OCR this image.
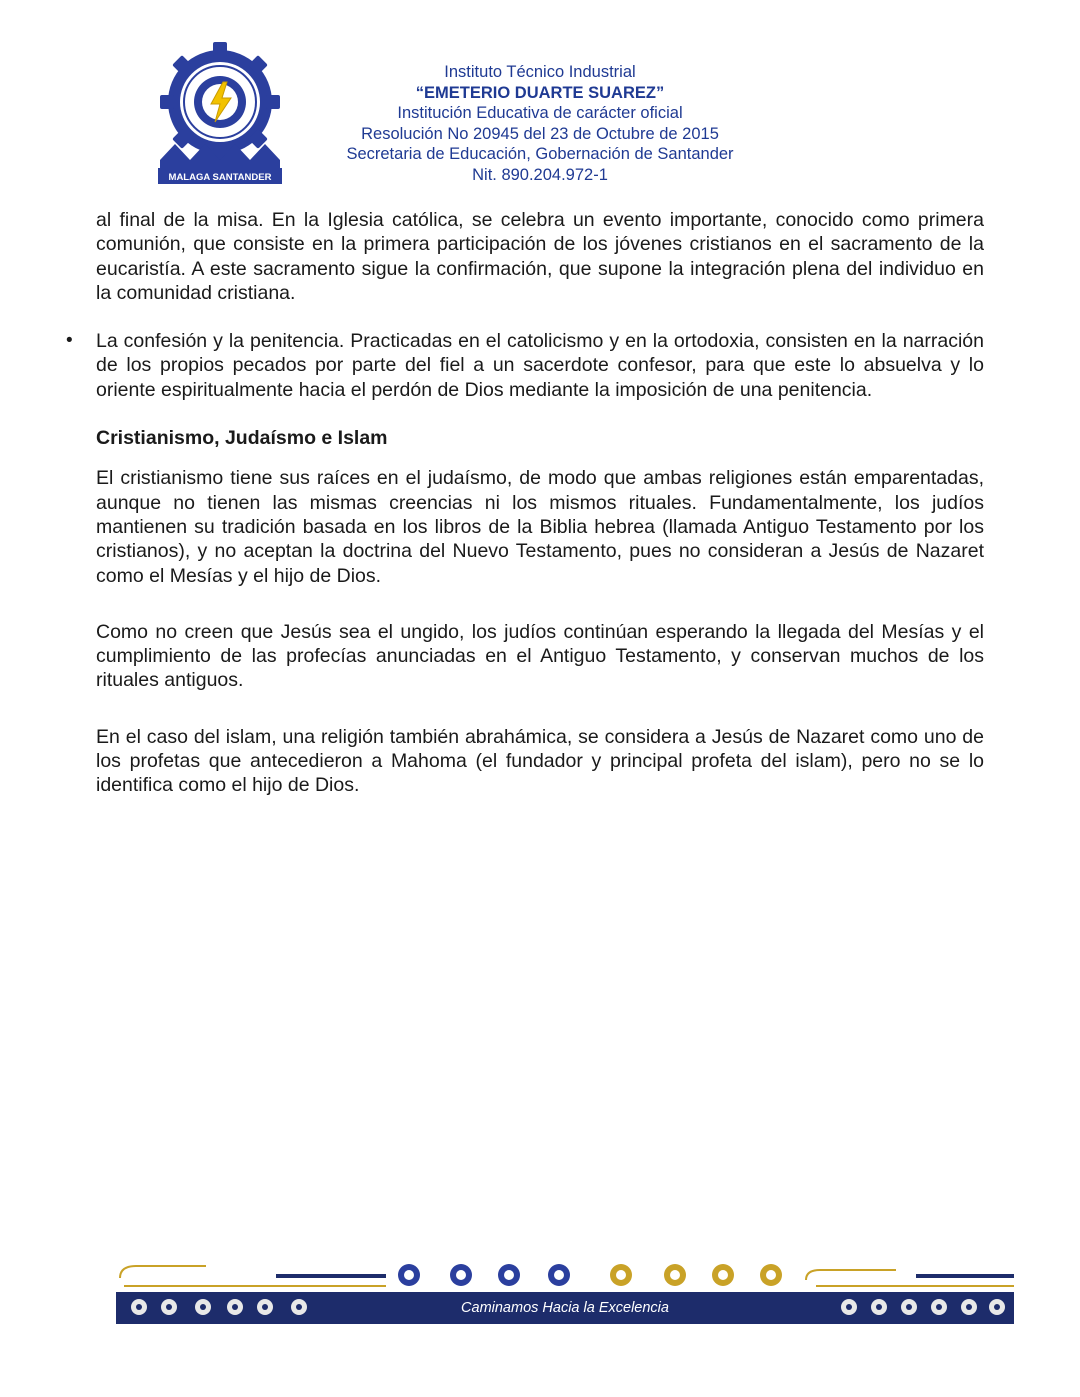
MALAGA SANTANDER
Instituto Técnico Industrial
“EMETERIO DUARTE SUAREZ”
Institución Educativa de carácter oficial
Resolución No 20945 del 23 de Octubre de 2015
Secretaria de Educación, Gobernación de Santander
Nit. 890.204.972-1

al final de la misa. En la Iglesia católica, se celebra un evento importante, conocido como primera comunión, que consiste en la primera participación de los jóvenes cristianos en el sacramento de la eucaristía. A este sacramento sigue la confirmación, que supone la integración plena del individuo en la comunidad cristiana.

• La confesión y la penitencia. Practicadas en el catolicismo y en la ortodoxia, consisten en la narración de los propios pecados por parte del fiel a un sacerdote confesor, para que este lo absuelva y lo oriente espiritualmente hacia el perdón de Dios mediante la imposición de una penitencia.

Cristianismo, Judaísmo e Islam

El cristianismo tiene sus raíces en el judaísmo, de modo que ambas religiones están emparentadas, aunque no tienen las mismas creencias ni los mismos rituales. Fundamentalmente, los judíos mantienen su tradición basada en los libros de la Biblia hebrea (llamada Antiguo Testamento por los cristianos), y no aceptan la doctrina del Nuevo Testamento, pues no consideran a Jesús de Nazaret como el Mesías y el hijo de Dios.

Como no creen que Jesús sea el ungido, los judíos continúan esperando la llegada del Mesías y el cumplimiento de las profecías anunciadas en el Antiguo Testamento, y conservan muchos de los rituales antiguos.

En el caso del islam, una religión también abrahámica, se considera a Jesús de Nazaret como uno de los profetas que antecedieron a Mahoma (el fundador y principal profeta del islam), pero no se lo identifica como el hijo de Dios.

Caminamos Hacia la Excelencia
